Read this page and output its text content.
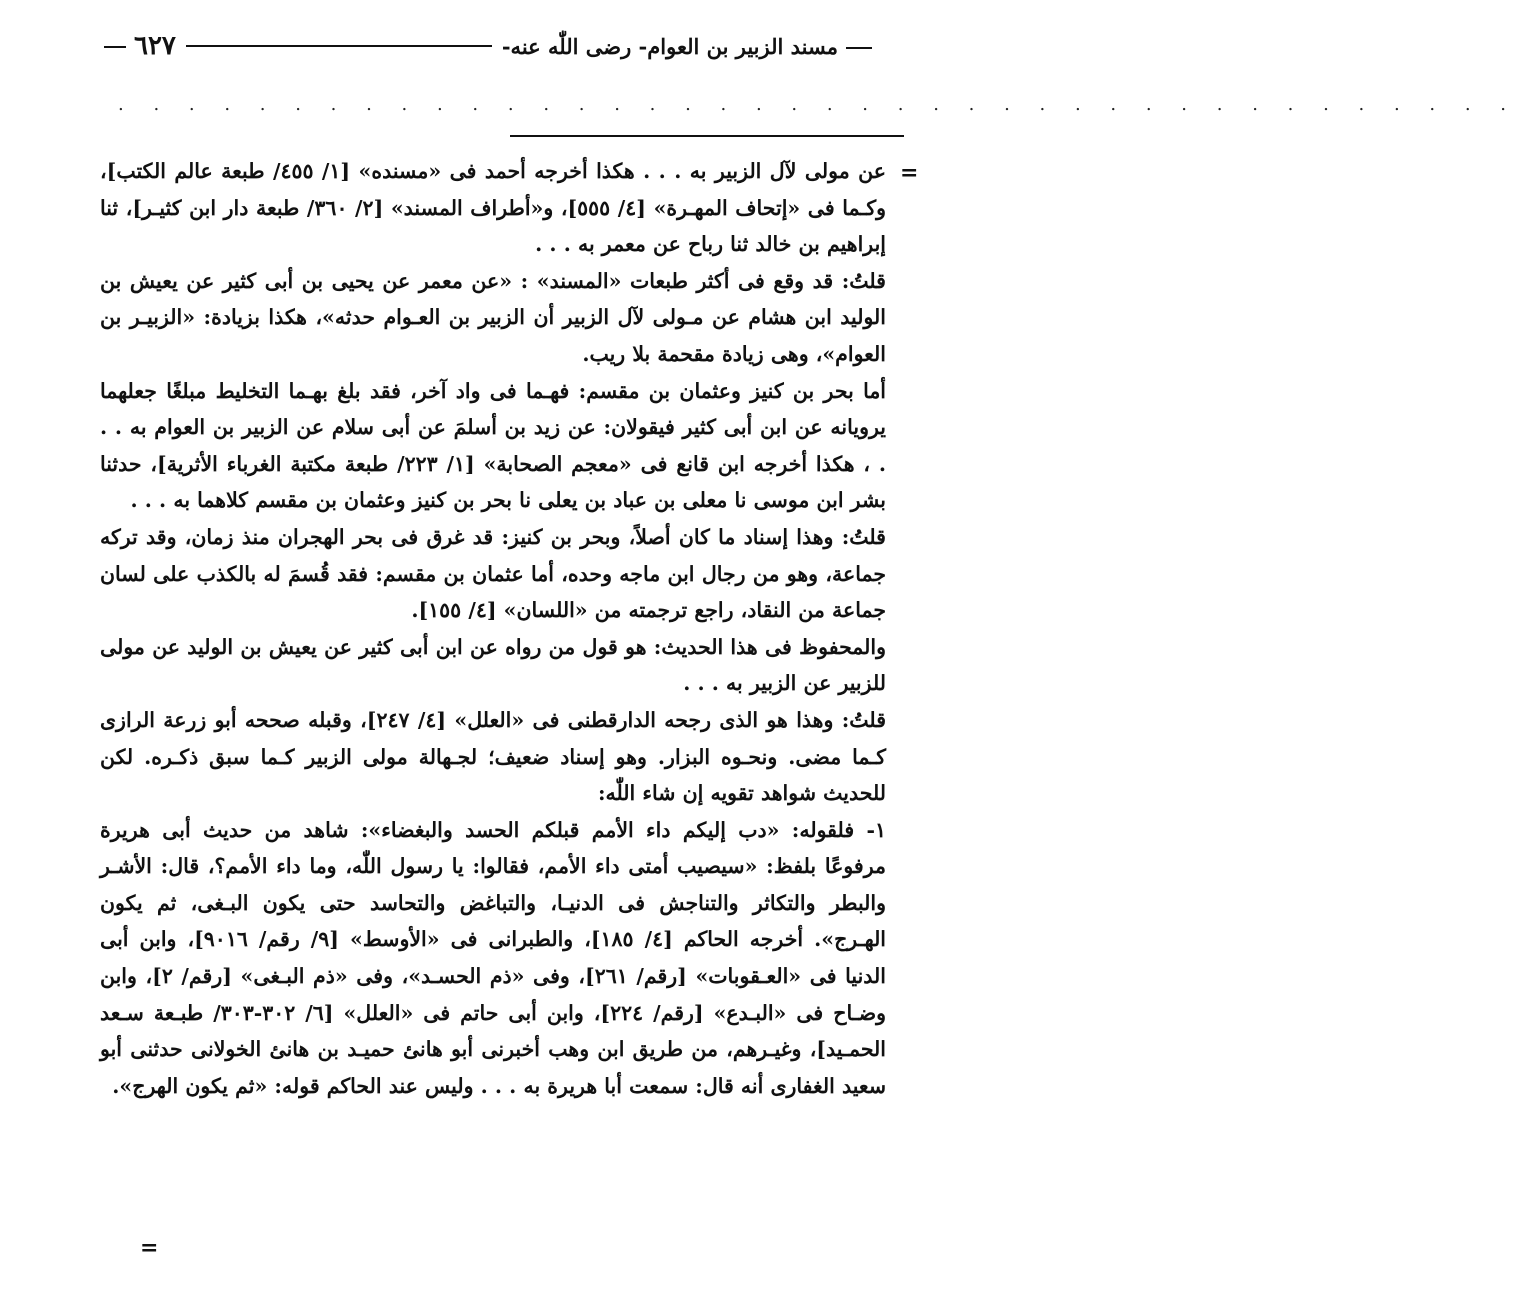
مسند الزبير بن العوام- رضى اللّٰه عنه-
٦٢٧
. . . . . . . . . . . . . . . . . . . . . . . . . . . . . . . . . . . . . . . .
=

عن مولى لآل الزبير به . . . هكذا أخرجه أحمد فى «مسنده» [١/ ٤٥٥/ طبعة عالم الكتب]، وكـما فى «إتحاف المهـرة» [٤/ ٥٥٥]، و«أطراف المسند» [٢/ ٣٦٠/ طبعة دار ابن كثيـر]، ثنا إبراهيم بن خالد ثنا رباح عن معمر به . . .

قلتُ: قد وقع فى أكثر طبعات «المسند» : «عن معمر عن يحيى بن أبى كثير عن يعيش بن الوليد ابن هشام عن مـولى لآل الزبير أن الزبير بن العـوام حدثه»، هكذا بزيادة: «الزبيـر بن العوام»، وهى زيادة مقحمة بلا ريب.

أما بحر بن كنيز وعثمان بن مقسم: فهـما فى واد آخر، فقد بلغ بهـما التخليط مبلغًا جعلهما يرويانه عن ابن أبى كثير فيقولان: عن زيد بن أسلمَ عن أبى سلام عن الزبير بن العوام به . . . ، هكذا أخرجه ابن قانع فى «معجم الصحابة» [١/ ٢٢٣/ طبعة مكتبة الغرباء الأثرية]، حدثنا بشر ابن موسى نا معلى بن عباد بن يعلى نا بحر بن كنيز وعثمان بن مقسم كلاهما به . . .

قلتُ: وهذا إسناد ما كان أصلاً، وبحر بن كنيز: قد غرق فى بحر الهجران منذ زمان، وقد تركه جماعة، وهو من رجال ابن ماجه وحده، أما عثمان بن مقسم: فقد قُسمَ له بالكذب على لسان جماعة من النقاد، راجع ترجمته من «اللسان» [٤/ ١٥٥].

والمحفوظ فى هذا الحديث: هو قول من رواه عن ابن أبى كثير عن يعيش بن الوليد عن مولى للزبير عن الزبير به . . .

قلتُ: وهذا هو الذى رجحه الدارقطنى فى «العلل» [٤/ ٢٤٧]، وقبله صححه أبو زرعة الرازى كـما مضى. ونحـوه البزار. وهو إسناد ضعيف؛ لجـهالة مولى الزبير كـما سبق ذكـره. لكن للحديث شواهد تقويه إن شاء اللّٰه:

١- فلقوله: «دب إليكم داء الأمم قبلكم الحسد والبغضاء»: شاهد من حديث أبى هريرة مرفوعًا بلفظ: «سيصيب أمتى داء الأمم، فقالوا: يا رسول اللّٰه، وما داء الأمم؟، قال: الأشـر والبطر والتكاثر والتناجش فى الدنيـا، والتباغض والتحاسد حتى يكون البـغى، ثم يكون الهـرج». أخرجه الحاكم [٤/ ١٨٥]، والطبرانى فى «الأوسط» [٩/ رقم/ ٩٠١٦]، وابن أبى الدنيا فى «العـقوبات» [رقم/ ٢٦١]، وفى «ذم الحسـد»، وفى «ذم البـغى» [رقم/ ٢]، وابن وضـاح فى «البـدع» [رقم/ ٢٢٤]، وابن أبى حاتم فى «العلل» [٦/ ٣٠٢-٣٠٣/ طبـعة سـعد الحمـيد]، وغيـرهم، من طريق ابن وهب أخبرنى أبو هانئ حميـد بن هانئ الخولانى حدثنى أبو سعيد الغفارى أنه قال: سمعت أبا هريرة به . . . وليس عند الحاكم قوله: «ثم يكون الهرج».

=
